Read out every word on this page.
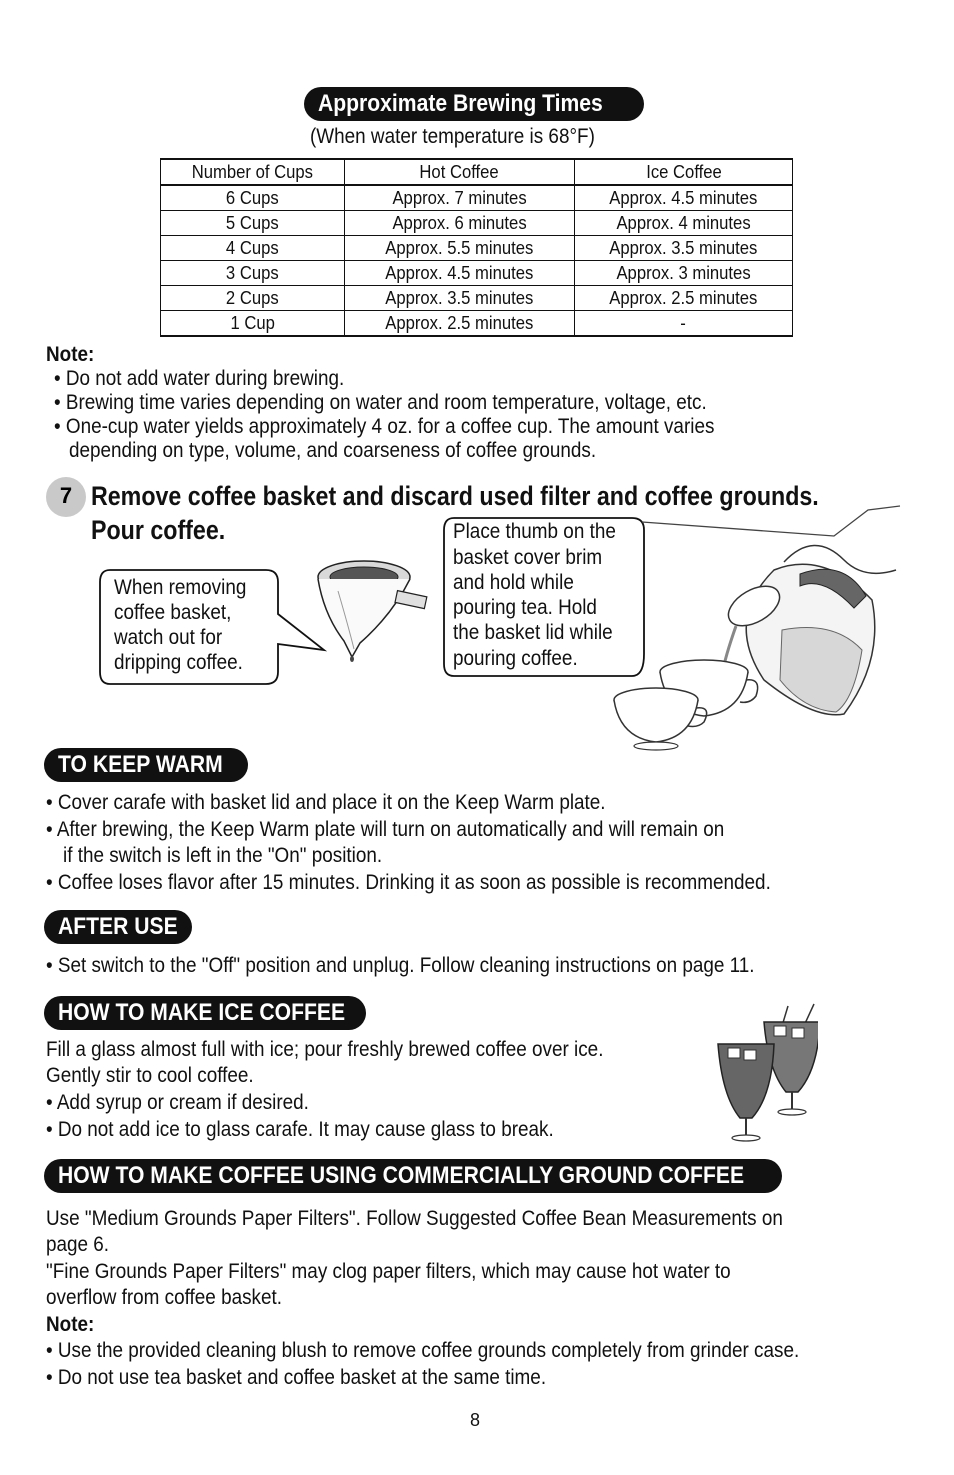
Approximate Brewing Times
(When water temperature is 68°F)
Number of Cups	Hot Coffee	Ice Coffee
6 Cups	Approx. 7 minutes	Approx. 4.5 minutes
5 Cups	Approx. 6 minutes	Approx. 4 minutes
4 Cups	Approx. 5.5 minutes	Approx. 3.5 minutes
3 Cups	Approx. 4.5 minutes	Approx. 3 minutes
2 Cups	Approx. 3.5 minutes	Approx. 2.5 minutes
1 Cup	Approx. 2.5 minutes	-
Note:
• Do not add water during brewing.
• Brewing time varies depending on water and room temperature, voltage, etc.
• One-cup water yields approximately 4 oz. for a coffee cup. The amount varies
depending on type, volume, and coarseness of coffee grounds.
7 Remove coffee basket and discard used filter and coffee grounds.
Pour coffee.
When removing
coffee basket,
watch out for
dripping coffee.
Place thumb on the
basket cover brim
and hold while
pouring tea. Hold
the basket lid while
pouring coffee.
TO KEEP WARM
• Cover carafe with basket lid and place it on the Keep Warm plate.
• After brewing, the Keep Warm plate will turn on automatically and will remain on
if the switch is left in the "On" position.
• Coffee loses flavor after 15 minutes. Drinking it as soon as possible is recommended.
AFTER USE
• Set switch to the "Off" position and unplug. Follow cleaning instructions on page 11.
HOW TO MAKE ICE COFFEE
Fill a glass almost full with ice; pour freshly brewed coffee over ice.
Gently stir to cool coffee.
• Add syrup or cream if desired.
• Do not add ice to glass carafe. It may cause glass to break.
HOW TO MAKE COFFEE USING COMMERCIALLY GROUND COFFEE
Use "Medium Grounds Paper Filters". Follow Suggested Coffee Bean Measurements on
page 6.
"Fine Grounds Paper Filters" may clog paper filters, which may cause hot water to
overflow from coffee basket.
Note:
• Use the provided cleaning blush to remove coffee grounds completely from grinder case.
• Do not use tea basket and coffee basket at the same time.
8
